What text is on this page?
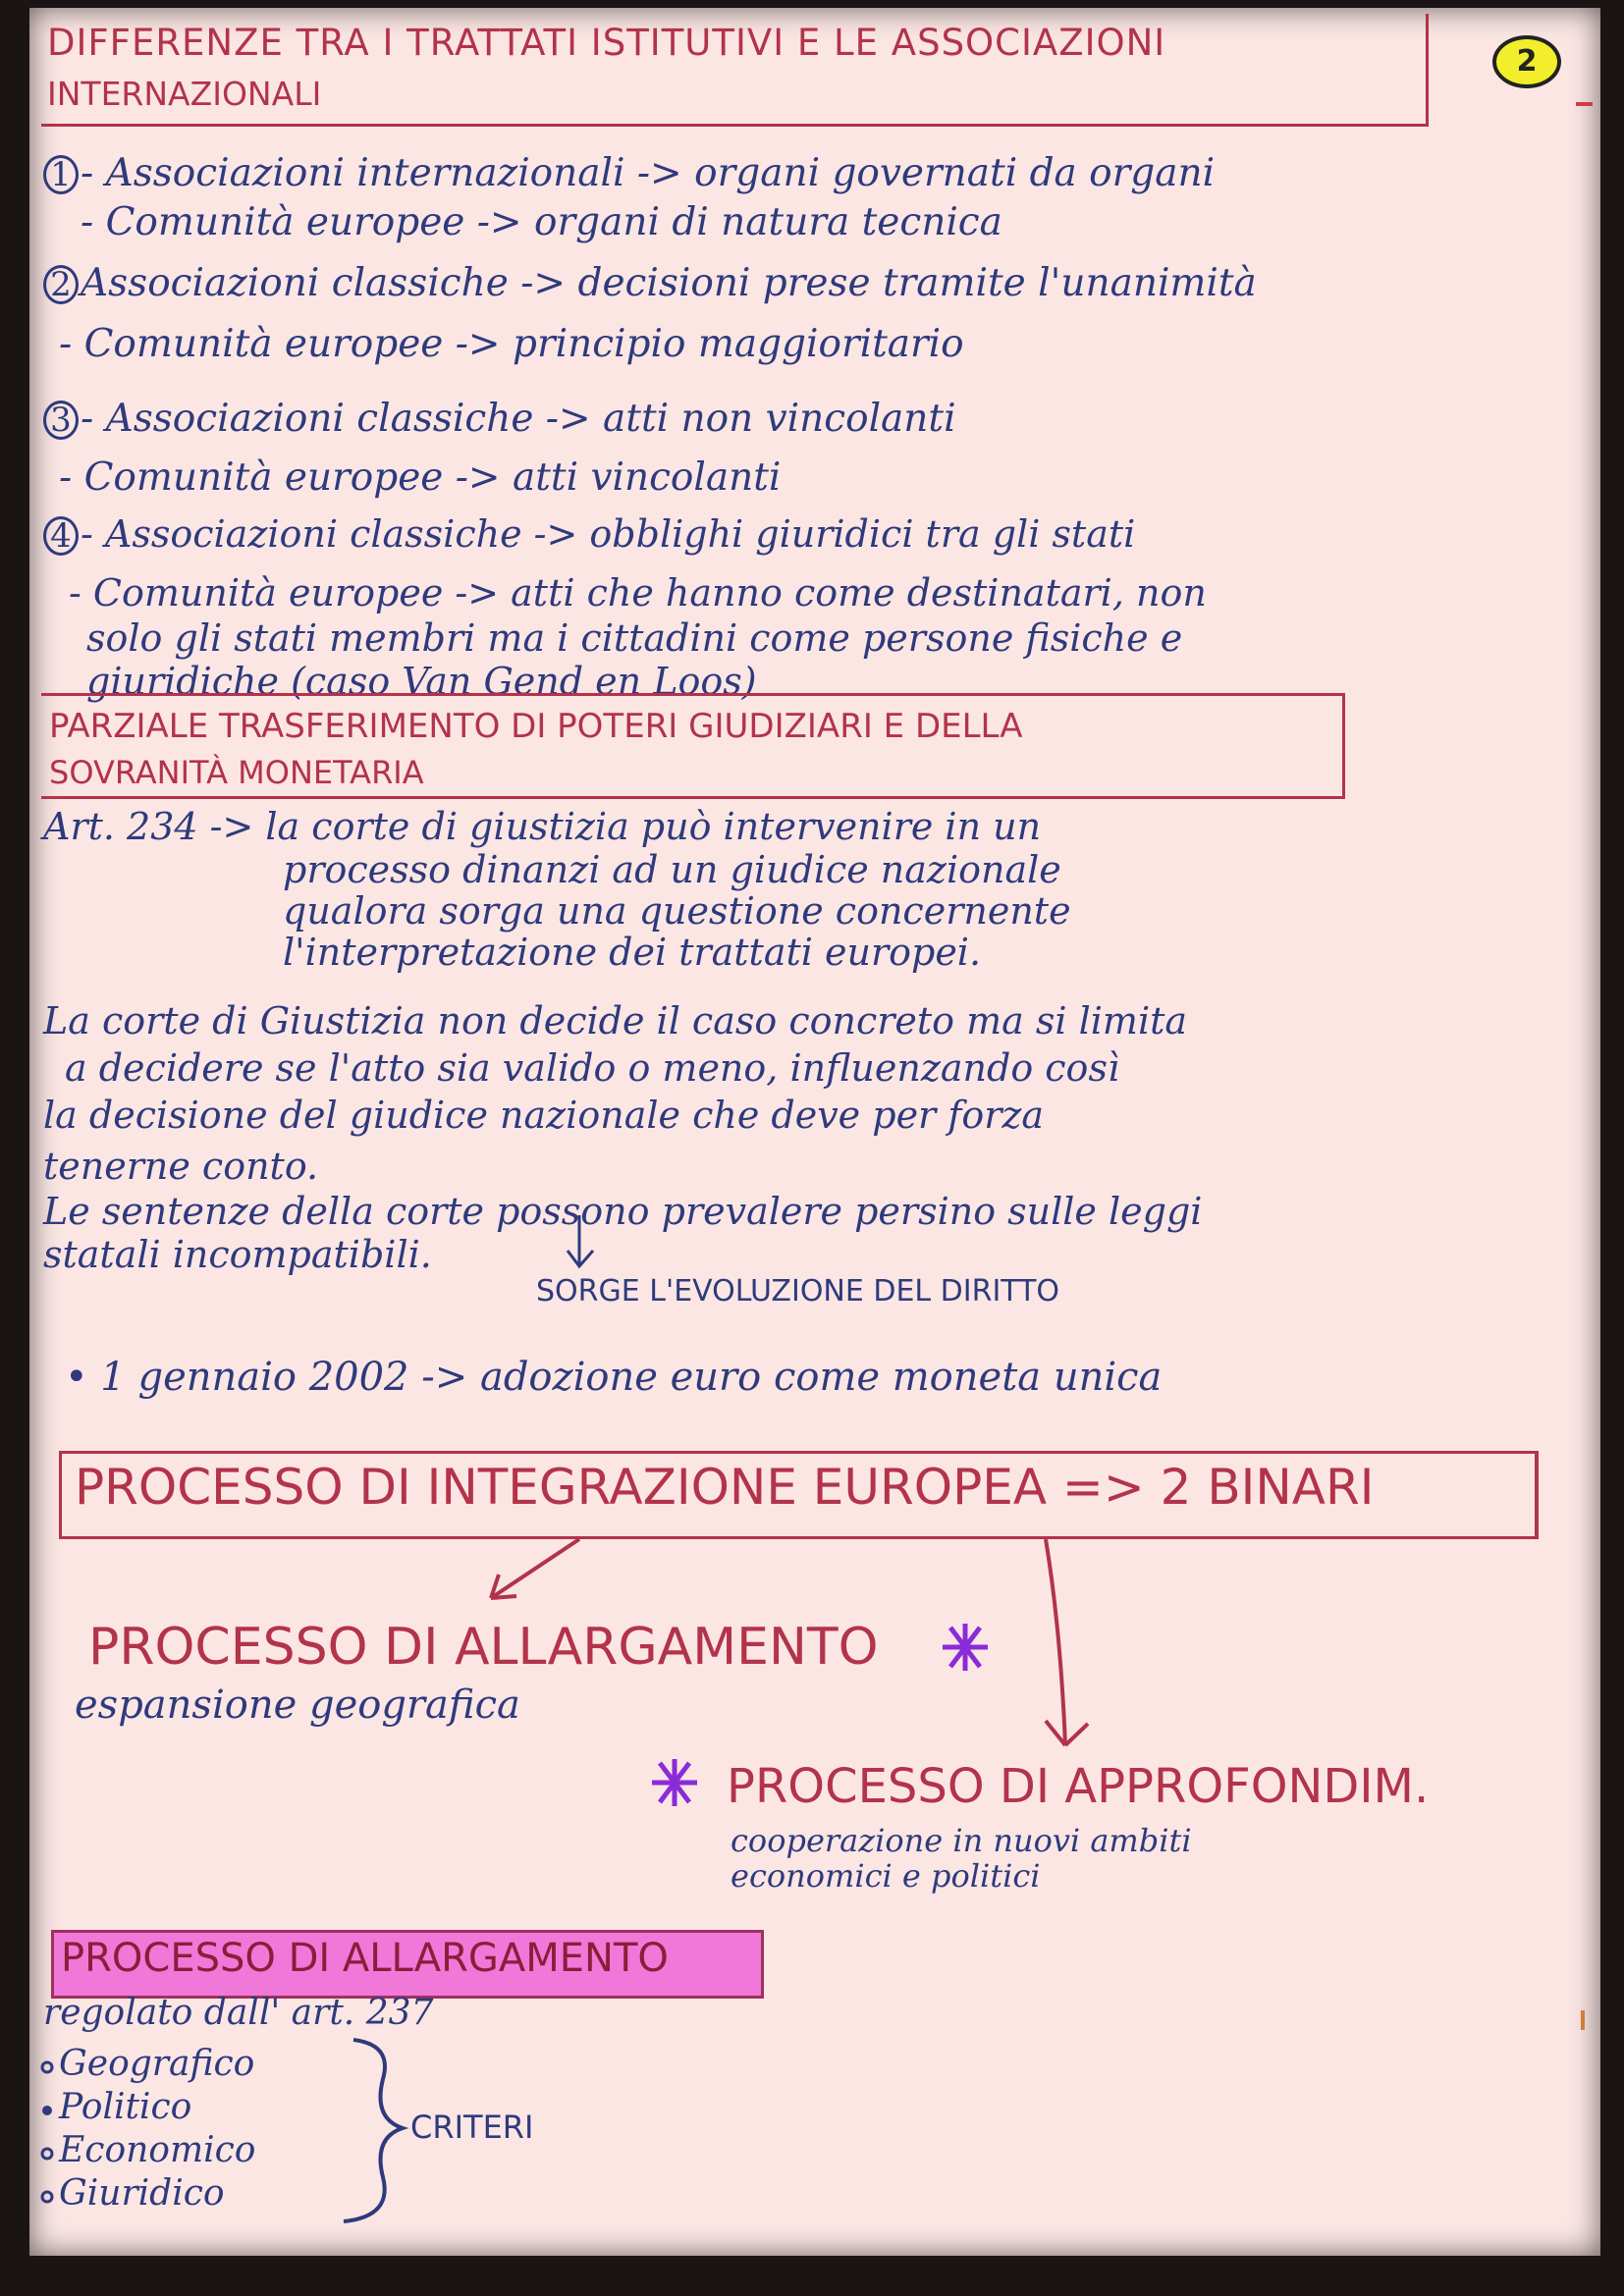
DIFFERENZE TRA I TRATTATI ISTITUTIVI E LE ASSOCIAZIONI
INTERNAZIONALI
2
1 - Associazioni internazionali -> organi governati da organi
- Comunità europee -> organi di natura tecnica
2 Associazioni classiche -> decisioni prese tramite l'unanimità
- Comunità europee -> principio maggioritario
3 - Associazioni classiche -> atti non vincolanti
- Comunità europee -> atti vincolanti
4 - Associazioni classiche -> obblighi giuridici tra gli stati
- Comunità europee -> atti che hanno come destinatari, non
solo gli stati membri ma i cittadini come persone fisiche e
giuridiche (caso Van Gend en Loos)
PARZIALE TRASFERIMENTO DI POTERI GIUDIZIARI E DELLA
SOVRANITÀ MONETARIA
Art. 234 -> la corte di giustizia può intervenire in un
processo dinanzi ad un giudice nazionale
qualora sorga una questione concernente
l'interpretazione dei trattati europei.
La corte di Giustizia non decide il caso concreto ma si limita
a decidere se l'atto sia valido o meno, influenzando così
la decisione del giudice nazionale che deve per forza
tenerne conto.
Le sentenze della corte possono prevalere persino sulle leggi
statali incompatibili.
SORGE L'EVOLUZIONE DEL DIRITTO
• 1 gennaio 2002 -> adozione euro come moneta unica
PROCESSO DI INTEGRAZIONE EUROPEA => 2 BINARI
PROCESSO DI ALLARGAMENTO
espansione geografica
PROCESSO DI APPROFONDIM.
cooperazione in nuovi ambiti
economici e politici
PROCESSO DI ALLARGAMENTO
regolato dall' art. 237
Geografico
Politico
Economico
Giuridico
CRITERI
